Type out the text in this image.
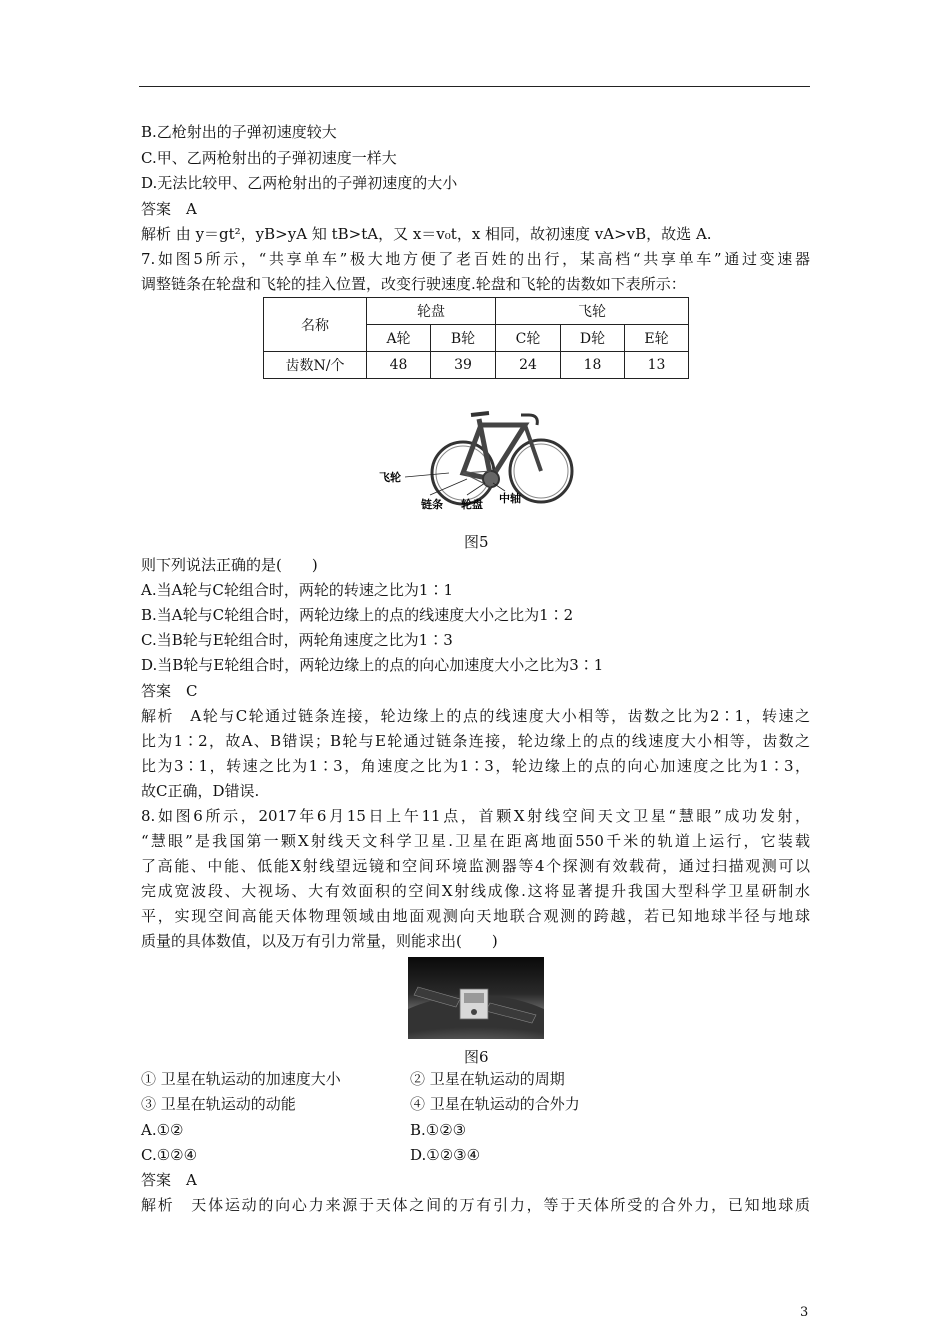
B.乙枪射出的子弹初速度较大
C.甲、乙两枪射出的子弹初速度一样大
D.无法比较甲、乙两枪射出的子弹初速度的大小
答案　A
解析 由 y＝gt²，yB>yA 知 tB>tA，又 x＝v₀t，x 相同，故初速度 vA>vB，故选 A.
7.如图5所示，“共享单车”极大地方便了老百姓的出行，某高档“共享单车”通过变速器
调整链条在轮盘和飞轮的挂入位置，改变行驶速度.轮盘和飞轮的齿数如下表所示：
名称	轮盘		飞轮		
	A轮	B轮	C轮	D轮	E轮
齿数N/个	48	39	24	18	13
飞轮
链条 轮盘 中轴
图5
则下列说法正确的是(　　)
A.当A轮与C轮组合时，两轮的转速之比为1∶1
B.当A轮与C轮组合时，两轮边缘上的点的线速度大小之比为1∶2
C.当B轮与E轮组合时，两轮角速度之比为1∶3
D.当B轮与E轮组合时，两轮边缘上的点的向心加速度大小之比为3∶1
答案　C
解析　A轮与C轮通过链条连接，轮边缘上的点的线速度大小相等，齿数之比为2∶1，转速之
比为1∶2，故A、B错误；B轮与E轮通过链条连接，轮边缘上的点的线速度大小相等，齿数之
比为3∶1，转速之比为1∶3，角速度之比为1∶3，轮边缘上的点的向心加速度之比为1∶3，
故C正确，D错误.
8.如图6所示，2017年6月15日上午11点，首颗X射线空间天文卫星“慧眼”成功发射，
“慧眼”是我国第一颗X射线天文科学卫星.卫星在距离地面550千米的轨道上运行，它装载
了高能、中能、低能X射线望远镜和空间环境监测器等4个探测有效载荷，通过扫描观测可以
完成宽波段、大视场、大有效面积的空间X射线成像.这将显著提升我国大型科学卫星研制水
平，实现空间高能天体物理领域由地面观测向天地联合观测的跨越，若已知地球半径与地球
质量的具体数值，以及万有引力常量，则能求出(　　)
图6
① 卫星在轨运动的加速度大小	② 卫星在轨运动的周期
③ 卫星在轨运动的动能	④ 卫星在轨运动的合外力
A.①②	B.①②③
C.①②④	D.①②③④
答案　A
解析　天体运动的向心力来源于天体之间的万有引力，等于天体所受的合外力，已知地球质
3
